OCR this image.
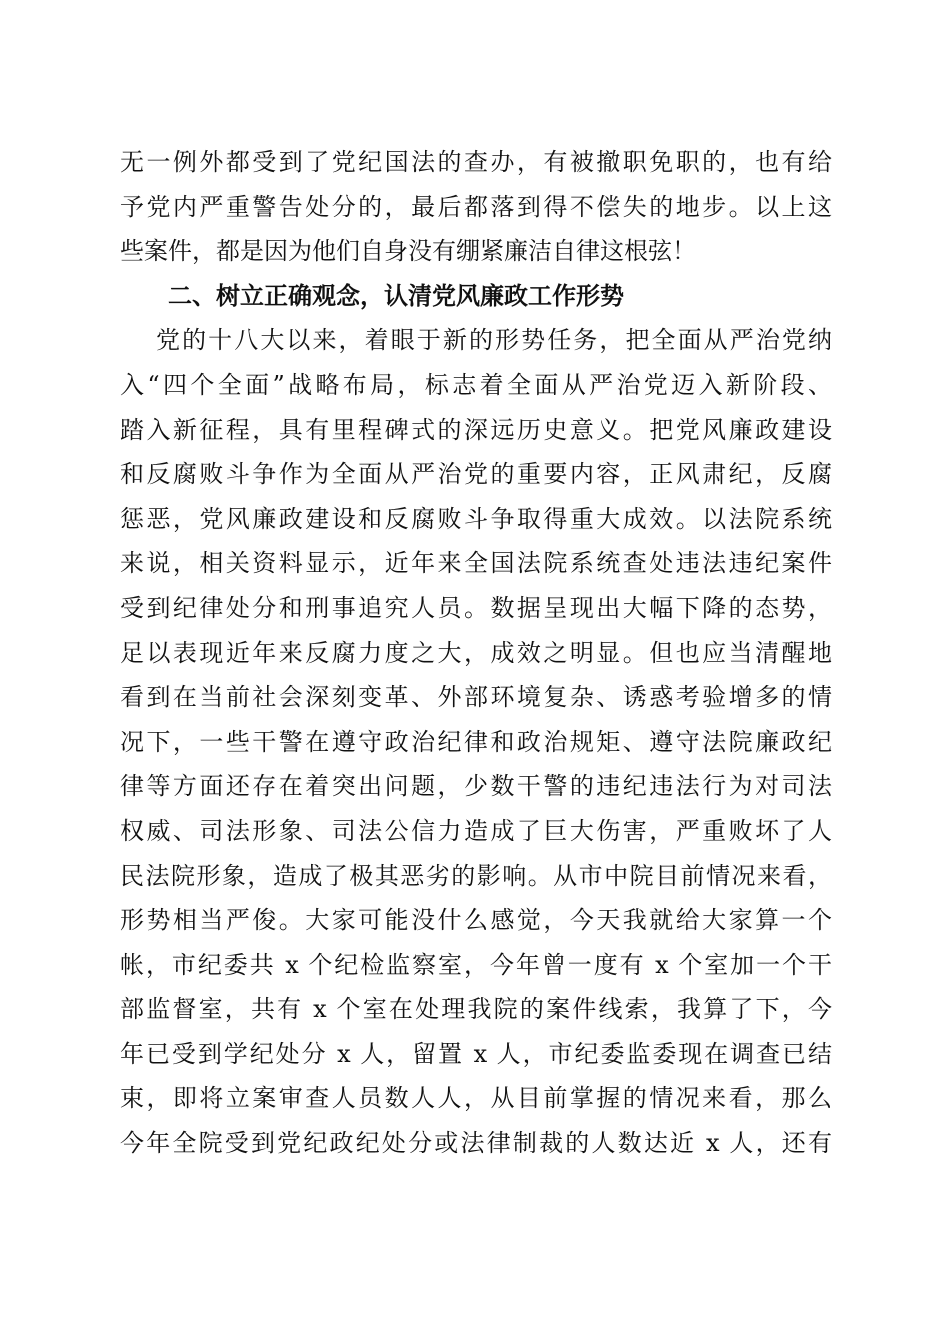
无一例外都受到了党纪国法的查办，有被撤职免职的，也有给
予党内严重警告处分的，最后都落到得不偿失的地步。以上这
些案件，都是因为他们自身没有绷紧廉洁自律这根弦！
二、树立正确观念，认清党风廉政工作形势
党的十八大以来，着眼于新的形势任务，把全面从严治党纳
入“四个全面”战略布局，标志着全面从严治党迈入新阶段、
踏入新征程，具有里程碑式的深远历史意义。把党风廉政建设
和反腐败斗争作为全面从严治党的重要内容，正风肃纪，反腐
惩恶，党风廉政建设和反腐败斗争取得重大成效。以法院系统
来说，相关资料显示，近年来全国法院系统查处违法违纪案件
受到纪律处分和刑事追究人员。数据呈现出大幅下降的态势，
足以表现近年来反腐力度之大，成效之明显。但也应当清醒地
看到在当前社会深刻变革、外部环境复杂、诱惑考验增多的情
况下，一些干警在遵守政治纪律和政治规矩、遵守法院廉政纪
律等方面还存在着突出问题，少数干警的违纪违法行为对司法
权威、司法形象、司法公信力造成了巨大伤害，严重败坏了人
民法院形象，造成了极其恶劣的影响。从市中院目前情况来看，
形势相当严俊。大家可能没什么感觉，今天我就给大家算一个
帐，市纪委共 x 个纪检监察室，今年曾一度有 x 个室加一个干
部监督室，共有 x 个室在处理我院的案件线索，我算了下，今
年已受到学纪处分 x 人，留置 x 人，市纪委监委现在调查已结
束，即将立案审查人员数人人，从目前掌握的情况来看，那么
今年全院受到党纪政纪处分或法律制裁的人数达近 x 人，还有
